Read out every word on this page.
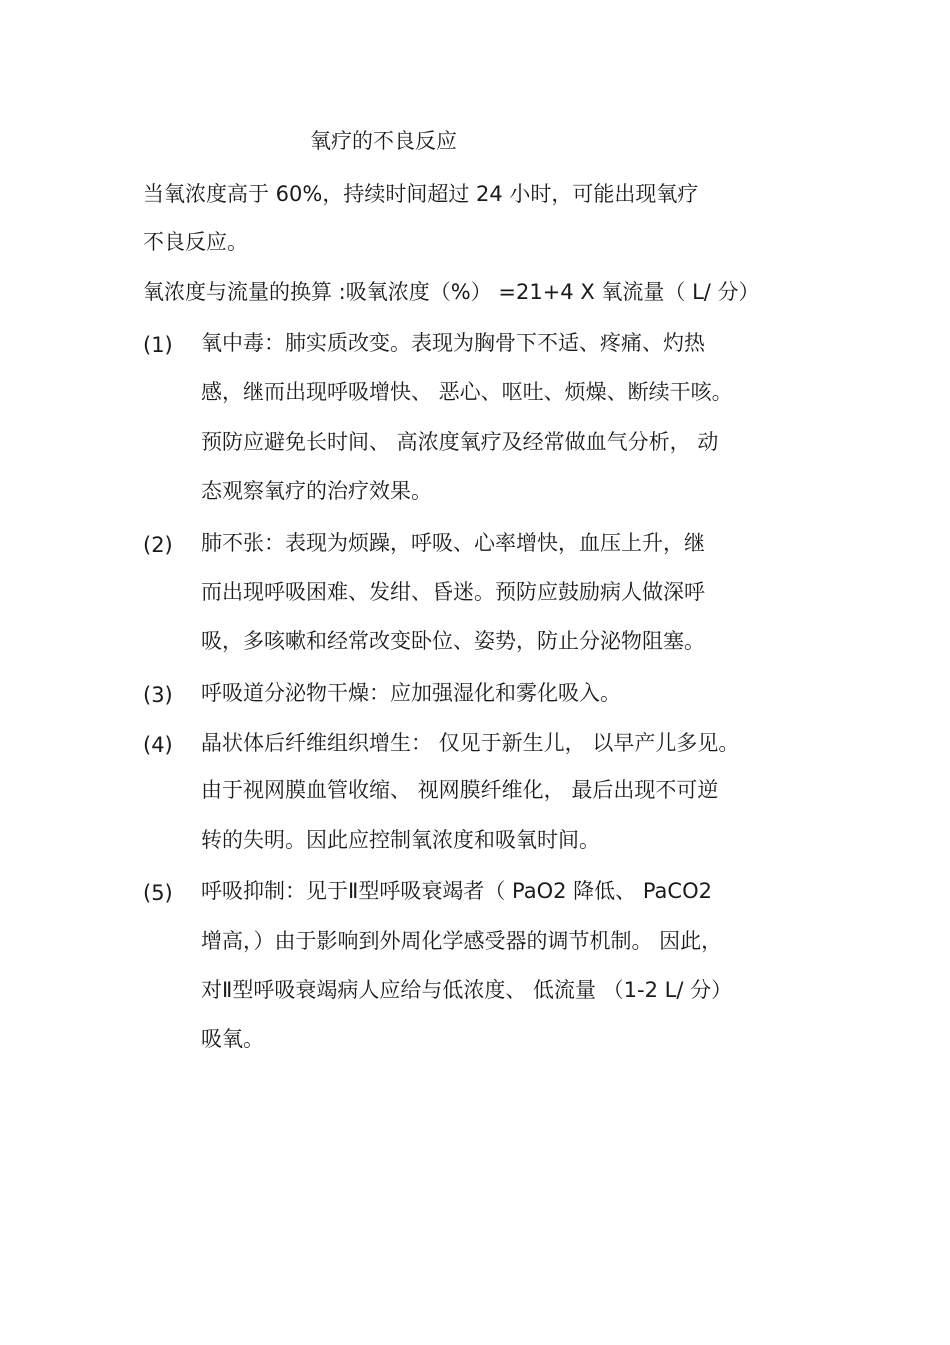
氧疗的不良反应
当氧浓度高于 60%，持续时间超过 24 小时，可能出现氧疗
不良反应。
氧浓度与流量的换算 :吸氧浓度（%） =21+4 X 氧流量（ L/ 分）
(1) 氧中毒：肺实质改变。表现为胸骨下不适、疼痛、灼热
感，继而出现呼吸增快、 恶心、呕吐、烦燥、断续干咳。
预防应避免长时间、 高浓度氧疗及经常做血气分析， 动
态观察氧疗的治疗效果。
(2) 肺不张：表现为烦躁，呼吸、心率增快，血压上升，继
而出现呼吸困难、发绀、昏迷。预防应鼓励病人做深呼
吸，多咳嗽和经常改变卧位、姿势，防止分泌物阻塞。
(3) 呼吸道分泌物干燥：应加强湿化和雾化吸入。
(4) 晶状体后纤维组织增生： 仅见于新生儿， 以早产儿多见。
由于视网膜血管收缩、 视网膜纤维化， 最后出现不可逆
转的失明。因此应控制氧浓度和吸氧时间。
(5) 呼吸抑制：见于Ⅱ型呼吸衰竭者（ PaO2 降低、 PaCO2
增高，）由于影响到外周化学感受器的调节机制。 因此，
对Ⅱ型呼吸衰竭病人应给与低浓度、 低流量 （1-2 L/ 分）
吸氧。
